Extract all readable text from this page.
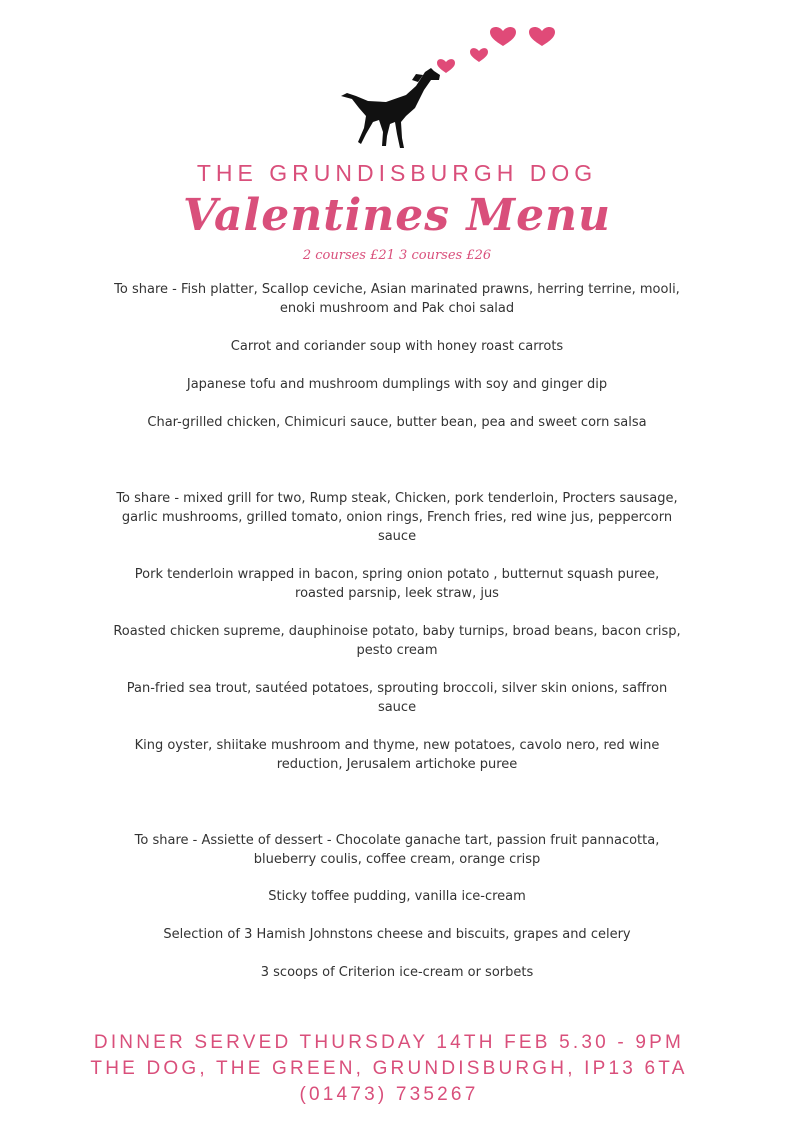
THE GRUNDISBURGH DOG
Valentines Menu
2 courses £21 3 courses £26
To share - Fish platter, Scallop ceviche, Asian marinated prawns, herring terrine, mooli, enoki mushroom and Pak choi salad
Carrot and coriander soup with honey roast carrots
Japanese tofu and mushroom dumplings with soy and ginger dip
Char-grilled chicken, Chimicuri sauce, butter bean, pea and sweet corn salsa
To share - mixed grill for two, Rump steak, Chicken, pork tenderloin, Procters sausage, garlic mushrooms, grilled tomato, onion rings, French fries, red wine jus, peppercorn sauce
Pork tenderloin wrapped in bacon, spring onion potato , butternut squash puree, roasted parsnip, leek straw, jus
Roasted chicken supreme, dauphinoise potato, baby turnips, broad beans, bacon crisp, pesto cream
Pan-fried sea trout, sautéed potatoes, sprouting broccoli, silver skin onions, saffron sauce
King oyster, shiitake mushroom and thyme, new potatoes, cavolo nero, red wine reduction, Jerusalem artichoke puree
To share - Assiette of dessert - Chocolate ganache tart, passion fruit pannacotta, blueberry coulis, coffee cream, orange crisp
Sticky toffee pudding, vanilla ice-cream
Selection of 3 Hamish Johnstons cheese and biscuits, grapes and celery
3 scoops of Criterion ice-cream or sorbets
DINNER SERVED THURSDAY 14TH FEB 5.30 - 9PM
THE DOG, THE GREEN, GRUNDISBURGH, IP13 6TA
(01473) 735267
